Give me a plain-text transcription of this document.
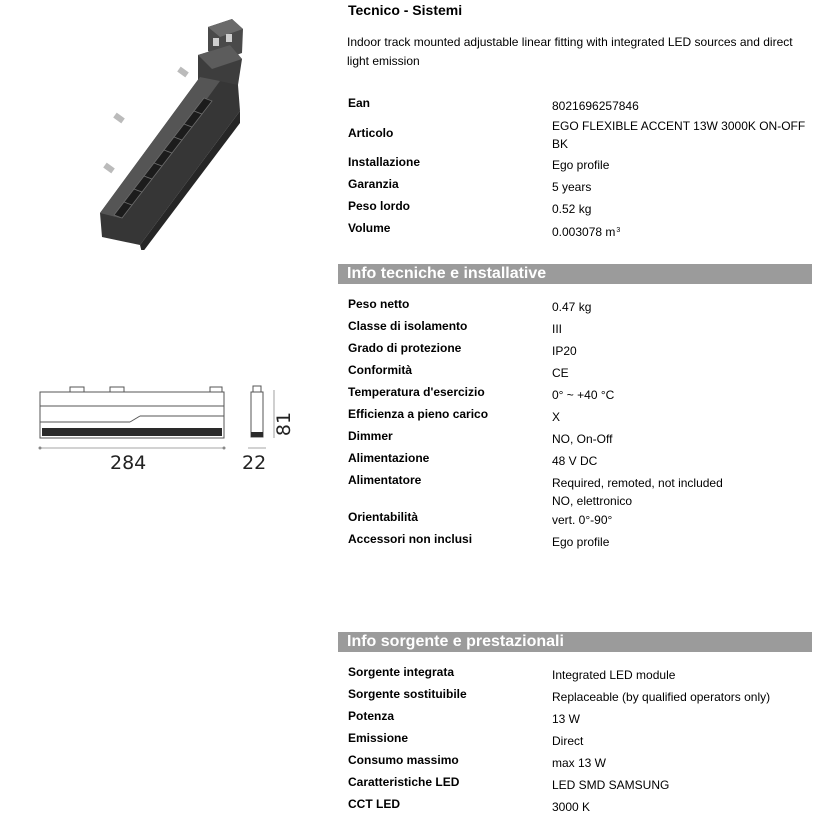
284	22
81
Tecnico - Sistemi
Indoor track mounted adjustable linear fitting with integrated LED sources and direct light emission
Ean	8021696257846
Articolo	EGO FLEXIBLE ACCENT 13W 3000K ON-OFF BK
Installazione	Ego profile
Garanzia	5 years
Peso lordo	0.52 kg
Volume	0.003078 $m^3$
Info tecniche e installative
Peso netto	0.47 kg
Classe di isolamento	III
Grado di protezione	IP20
Conformità	CE
Temperatura d'esercizio	0° ~ +40 °C
Efficienza a pieno carico	X
Dimmer	NO, On-Off
Alimentazione	48 V DC
Alimentatore	Required, remoted, not included
NO, elettronico
Orientabilità	vert. 0°-90°
Accessori non inclusi	Ego profile
Info sorgente e prestazionali
Sorgente integrata	Integrated LED module
Sorgente sostituibile	Replaceable (by qualified operators only)
Potenza	13 W
Emissione	Direct
Consumo massimo	max 13 W
Caratteristiche LED	LED SMD SAMSUNG
CCT LED	3000 K
